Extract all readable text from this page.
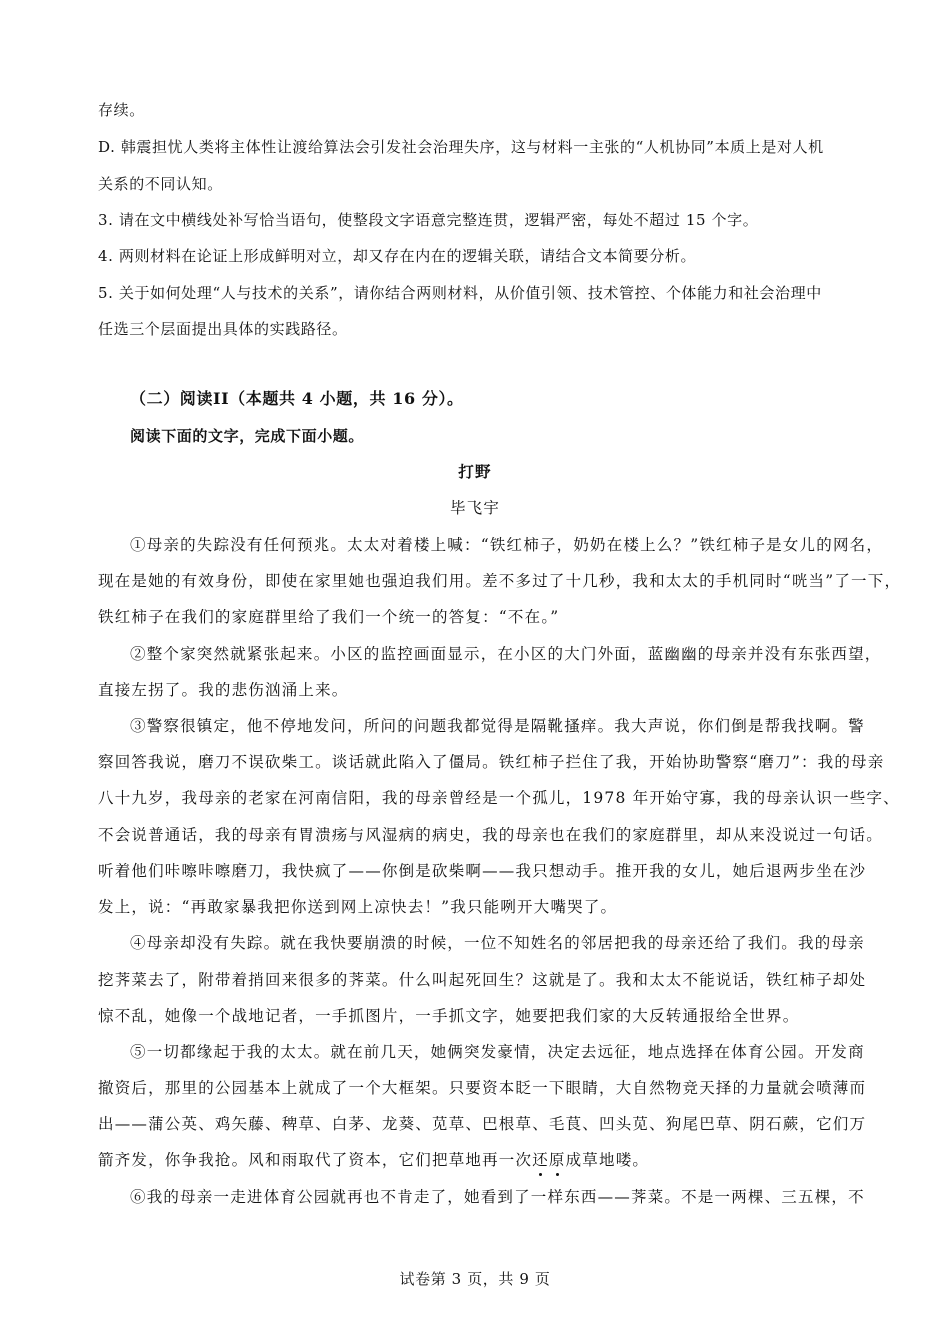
存续。
D. 韩震担忧人类将主体性让渡给算法会引发社会治理失序，这与材料一主张的“人机协同”本质上是对人机
关系的不同认知。
3. 请在文中横线处补写恰当语句，使整段文字语意完整连贯，逻辑严密，每处不超过 15 个字。
4. 两则材料在论证上形成鲜明对立，却又存在内在的逻辑关联，请结合文本简要分析。
5. 关于如何处理“人与技术的关系”，请你结合两则材料，从价值引领、技术管控、个体能力和社会治理中
任选三个层面提出具体的实践路径。
（二）阅读II（本题共 4 小题，共 16 分）。
阅读下面的文字，完成下面小题。
打野
毕飞宇
①母亲的失踪没有任何预兆。太太对着楼上喊：“铁红柿子，奶奶在楼上么？”铁红柿子是女儿的网名，
现在是她的有效身份，即使在家里她也强迫我们用。差不多过了十几秒，我和太太的手机同时“咣当”了一下，
铁红柿子在我们的家庭群里给了我们一个统一的答复：“不在。”
②整个家突然就紧张起来。小区的监控画面显示，在小区的大门外面，蓝幽幽的母亲并没有东张西望，
直接左拐了。我的悲伤汹涌上来。
③警察很镇定，他不停地发问，所问的问题我都觉得是隔靴搔痒。我大声说，你们倒是帮我找啊。警
察回答我说，磨刀不误砍柴工。谈话就此陷入了僵局。铁红柿子拦住了我，开始协助警察“磨刀”：我的母亲
八十九岁，我母亲的老家在河南信阳，我的母亲曾经是一个孤儿，1978 年开始守寡，我的母亲认识一些字、
不会说普通话，我的母亲有胃溃疡与风湿病的病史，我的母亲也在我们的家庭群里，却从来没说过一句话。
听着他们咔嚓咔嚓磨刀，我快疯了——你倒是砍柴啊——我只想动手。推开我的女儿，她后退两步坐在沙
发上，说：“再敢家暴我把你送到网上凉快去！”我只能咧开大嘴哭了。
④母亲却没有失踪。就在我快要崩溃的时候，一位不知姓名的邻居把我的母亲还给了我们。我的母亲
挖荠菜去了，附带着捎回来很多的荠菜。什么叫起死回生？这就是了。我和太太不能说话，铁红柿子却处
惊不乱，她像一个战地记者，一手抓图片，一手抓文字，她要把我们家的大反转通报给全世界。
⑤一切都缘起于我的太太。就在前几天，她俩突发豪情，决定去远征，地点选择在体育公园。开发商
撤资后，那里的公园基本上就成了一个大框架。只要资本眨一下眼睛，大自然物竞天择的力量就会喷薄而
出——蒲公英、鸡矢藤、稗草、白茅、龙葵、苋草、巴根草、毛茛、凹头苋、狗尾巴草、阴石蕨，它们万
箭齐发，你争我抢。风和雨取代了资本，它们把草地再一次还原成草地喽。
⑥我的母亲一走进体育公园就再也不肯走了，她看到了一样东西——荠菜。不是一两棵、三五棵，不
试卷第 3 页，共 9 页
